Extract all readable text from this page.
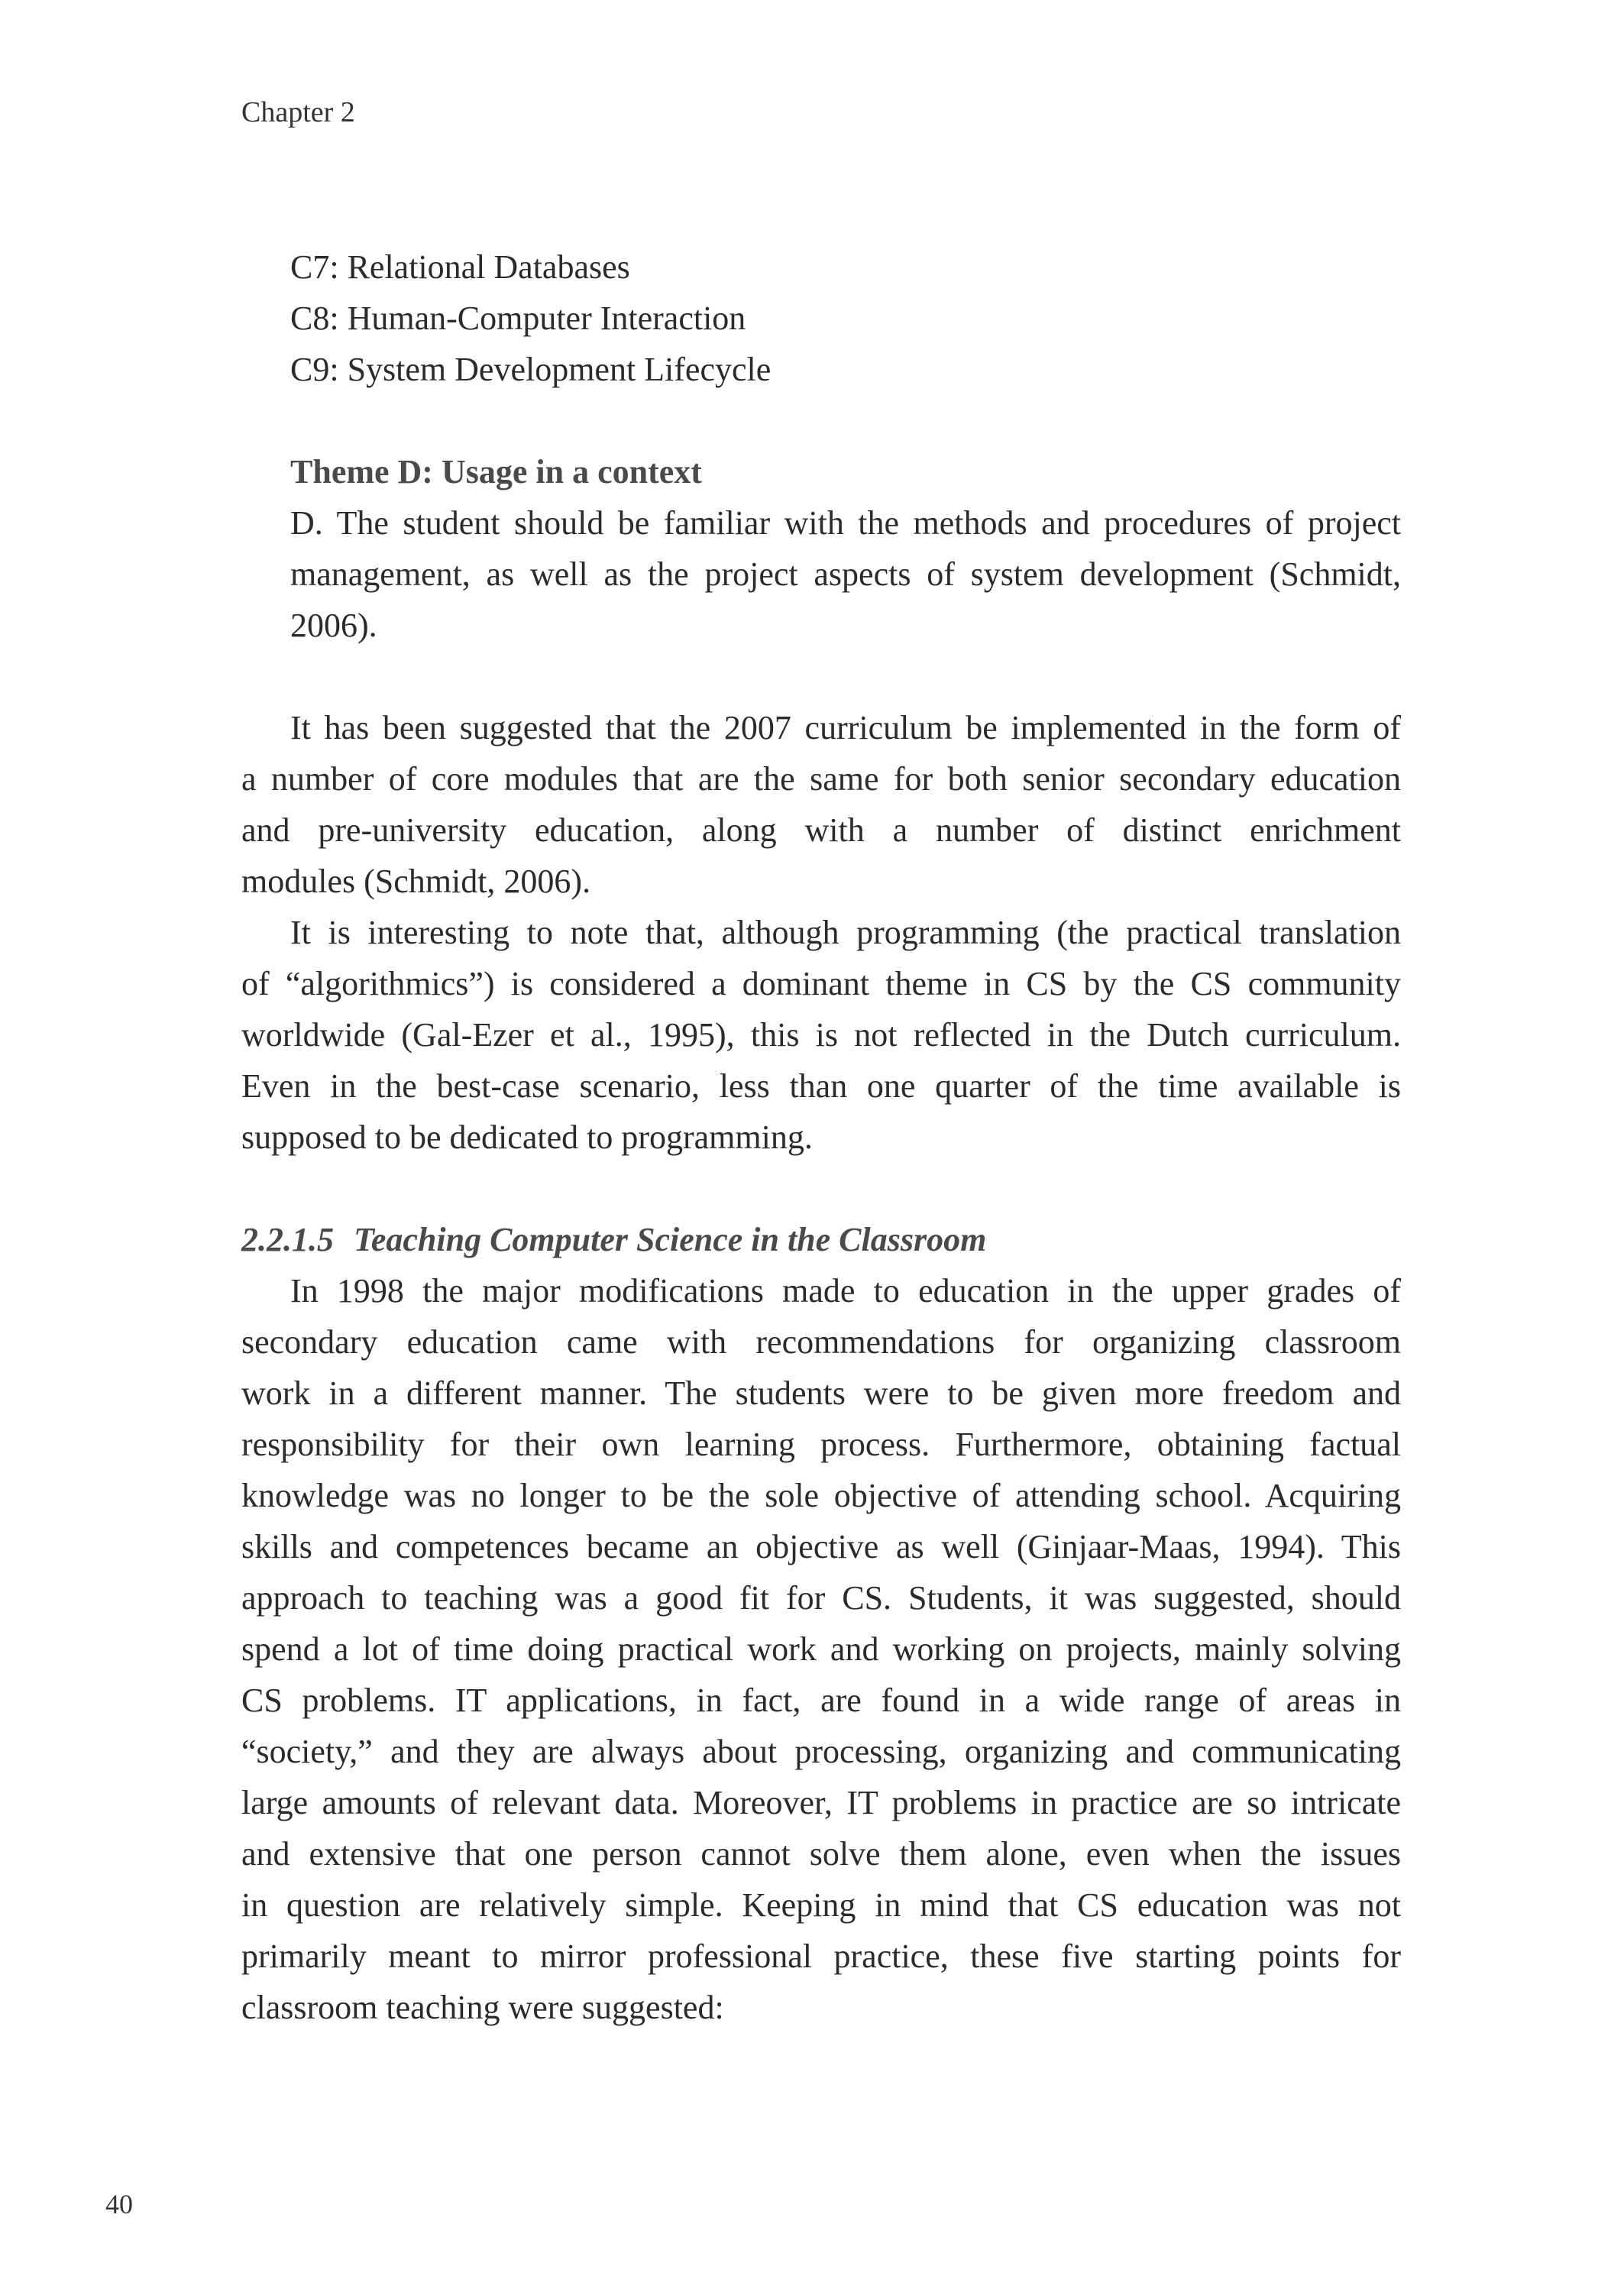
Chapter 2
C7: Relational Databases
C8: Human-Computer Interaction
C9: System Development Lifecycle
Theme D: Usage in a context
D. The student should be familiar with the methods and procedures of project
management, as well as the project aspects of system development (Schmidt,
2006).
It has been suggested that the 2007 curriculum be implemented in the form of
a number of core modules that are the same for both senior secondary education
and pre-university education, along with a number of distinct enrichment
modules (Schmidt, 2006).
It is interesting to note that, although programming (the practical translation
of “algorithmics”) is considered a dominant theme in CS by the CS community
worldwide (Gal-Ezer et al., 1995), this is not reflected in the Dutch curriculum.
Even in the best-case scenario, less than one quarter of the time available is
supposed to be dedicated to programming.
2.2.1.5 Teaching Computer Science in the Classroom
In 1998 the major modifications made to education in the upper grades of
secondary education came with recommendations for organizing classroom
work in a different manner. The students were to be given more freedom and
responsibility for their own learning process. Furthermore, obtaining factual
knowledge was no longer to be the sole objective of attending school. Acquiring
skills and competences became an objective as well (Ginjaar-Maas, 1994). This
approach to teaching was a good fit for CS. Students, it was suggested, should
spend a lot of time doing practical work and working on projects, mainly solving
CS problems. IT applications, in fact, are found in a wide range of areas in
“society,” and they are always about processing, organizing and communicating
large amounts of relevant data. Moreover, IT problems in practice are so intricate
and extensive that one person cannot solve them alone, even when the issues
in question are relatively simple. Keeping in mind that CS education was not
primarily meant to mirror professional practice, these five starting points for
classroom teaching were suggested:
40
